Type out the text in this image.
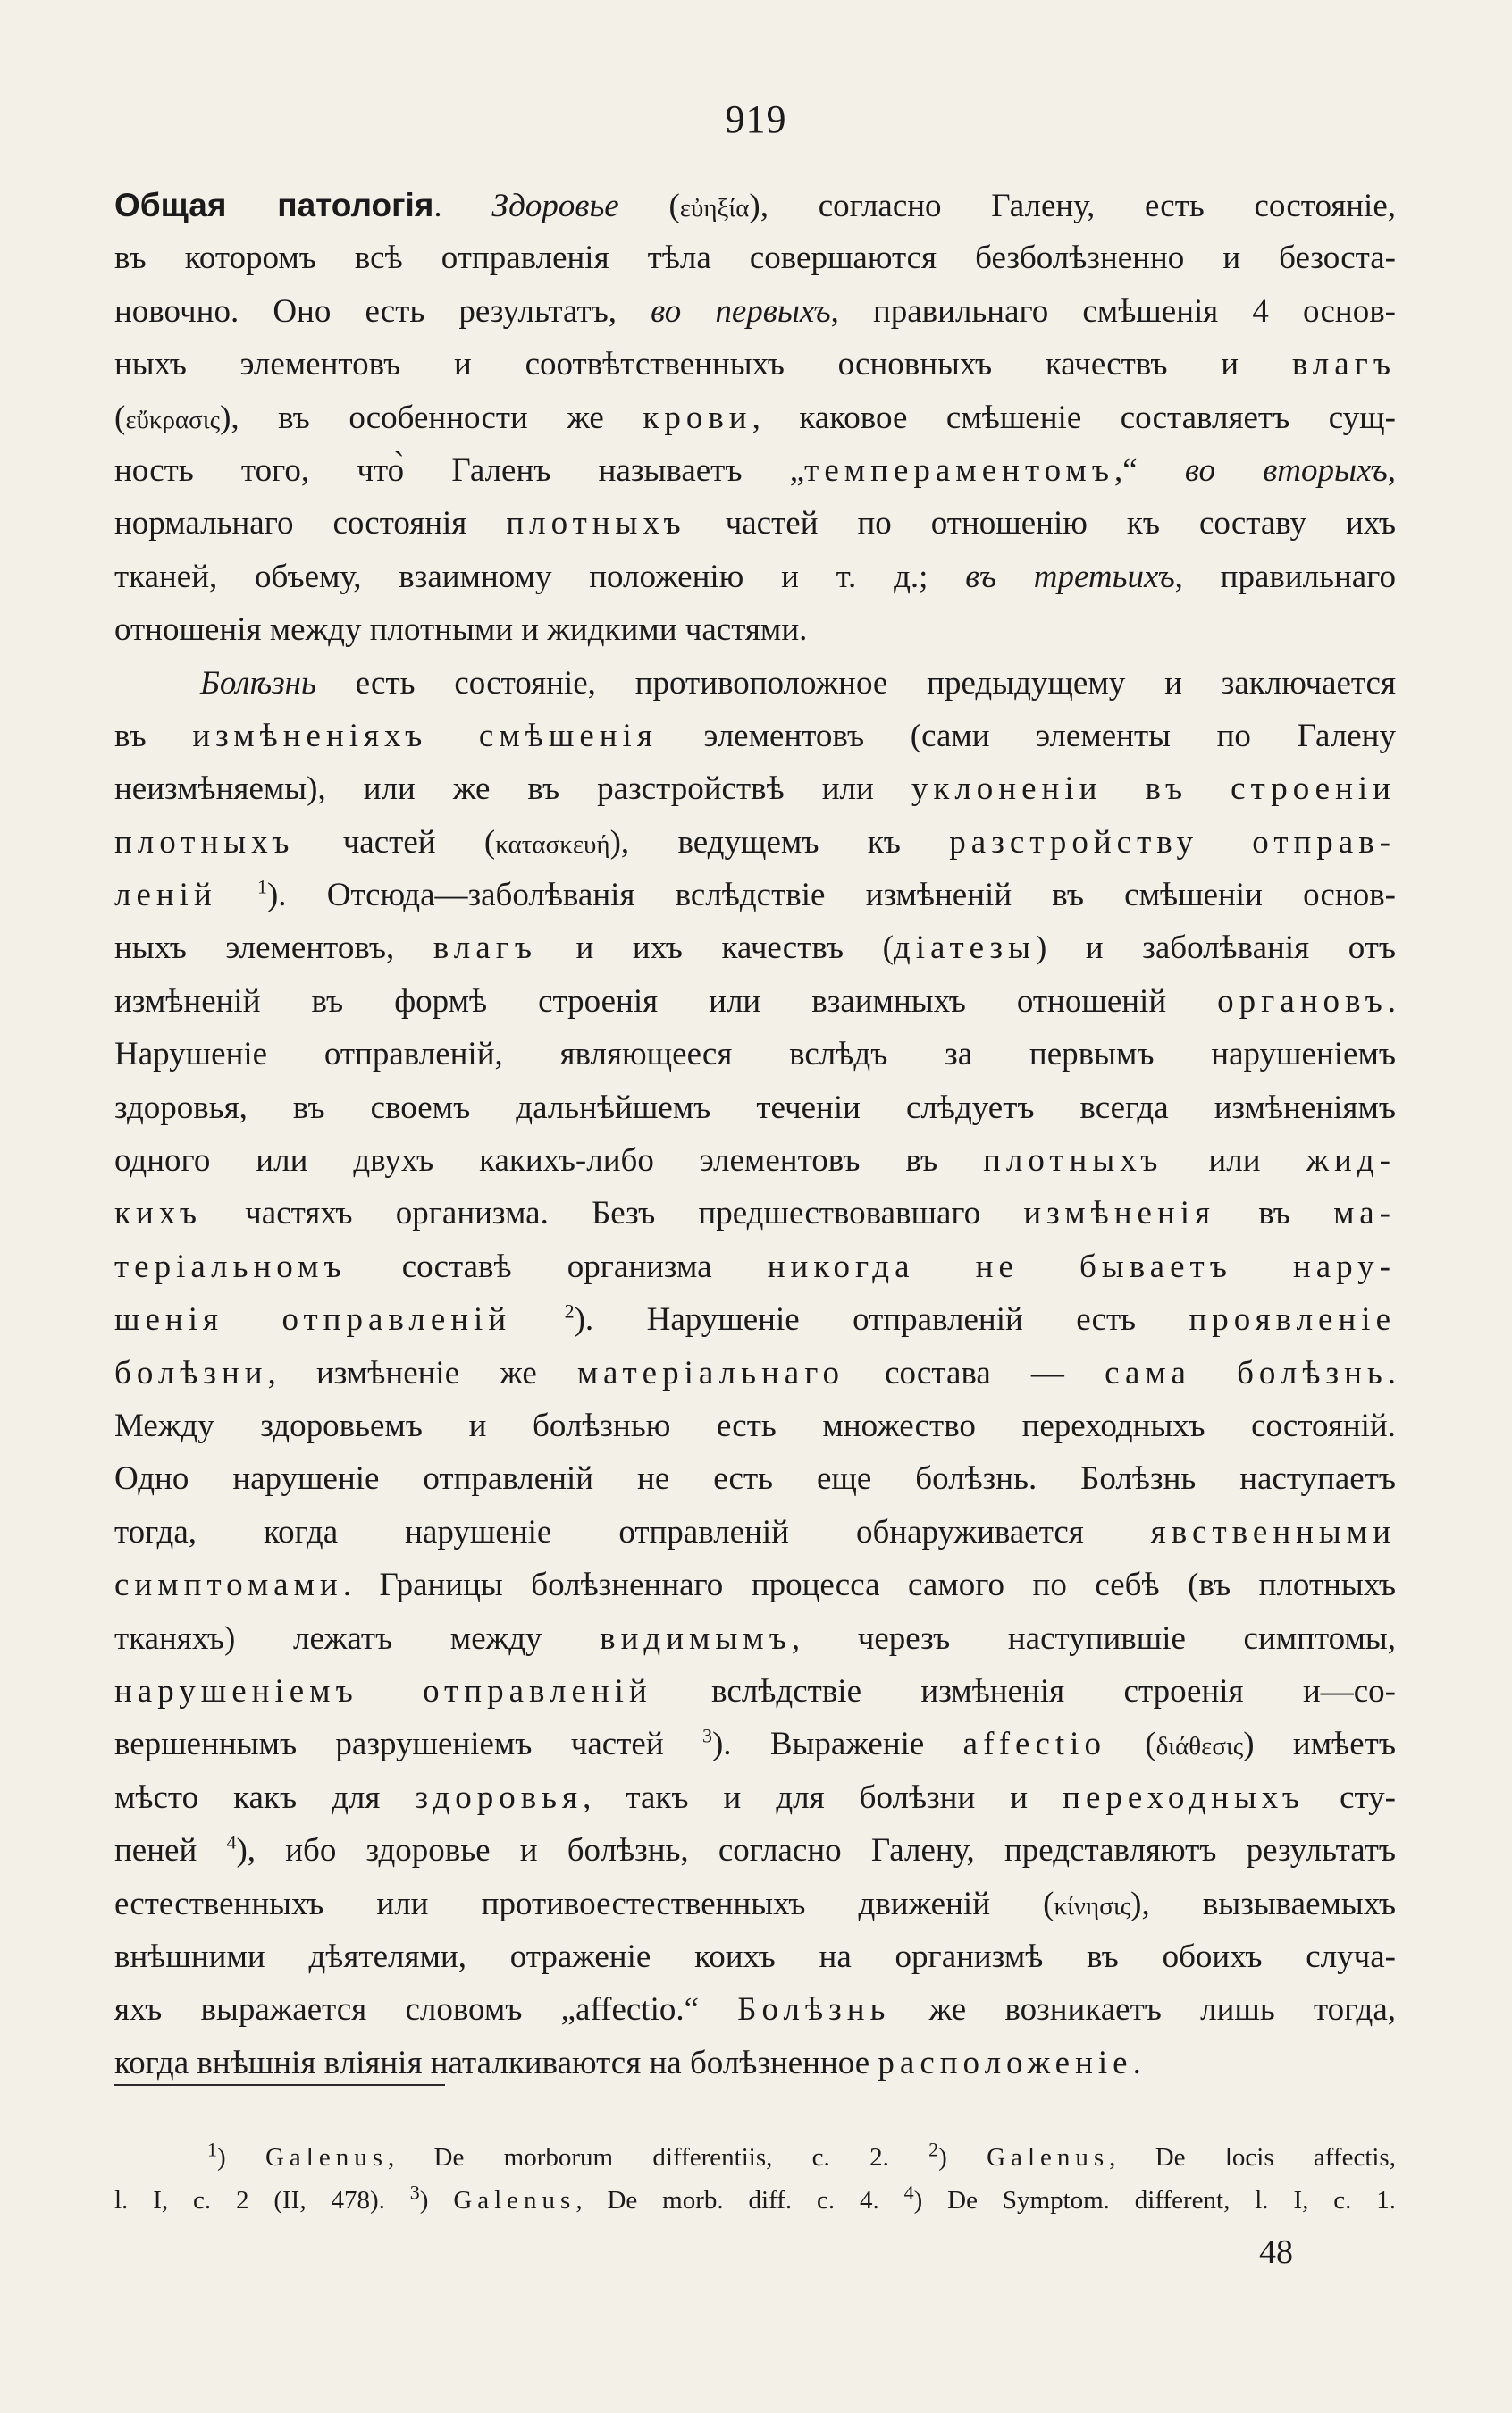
919
Общая патологія. Здоровье (εὐηξία), согласно Галену, есть состояніе,
въ которомъ всѣ отправленія тѣла совершаются безболѣзненно и безоста-
новочно. Оно есть результатъ, во первыхъ, правильнаго смѣшенія 4 основ-
ныхъ элементовъ и соотвѣтственныхъ основныхъ качествъ и влагъ
(εὔκρασις), въ особенности же крови, каковое смѣшеніе составляетъ сущ-
ность того, что̀ Галенъ называетъ „темпераментомъ,“ во вторыхъ,
нормальнаго состоянія плотныхъ частей по отношенію къ составу ихъ
тканей, объему, взаимному положенію и т. д.; въ третьихъ, правильнаго
отношенія между плотными и жидкими частями.
Болѣзнь есть состояніе, противоположное предыдущему и заключается
въ измѣненіяхъ смѣшенія элементовъ (сами элементы по Галену
неизмѣняемы), или же въ разстройствѣ или уклоненіи въ строеніи
плотныхъ частей (κατασκευή), ведущемъ къ разстройству отправ-
леній $^1$). Отсюда—заболѣванія вслѣдствіе измѣненій въ смѣшеніи основ-
ныхъ элементовъ, влагъ и ихъ качествъ (діатезы) и заболѣванія отъ
измѣненій въ формѣ строенія или взаимныхъ отношеній органовъ.
Нарушеніе отправленій, являющееся вслѣдъ за первымъ нарушеніемъ
здоровья, въ своемъ дальнѣйшемъ теченіи слѣдуетъ всегда измѣненіямъ
одного или двухъ какихъ-либо элементовъ въ плотныхъ или жид-
кихъ частяхъ организма. Безъ предшествовавшаго измѣненія въ ма-
теріальномъ составѣ организма никогда не бываетъ нару-
шенія отправленій	$^2$). Нарушеніе отправленій есть проявленіе
болѣзни, измѣненіе же матеріальнаго состава — сама болѣзнь.
Между здоровьемъ и болѣзнью есть множество переходныхъ состояній.
Одно нарушеніе отправленій не есть еще болѣзнь. Болѣзнь наступаетъ
тогда, когда нарушеніе отправленій обнаруживается явственными
симптомами. Границы болѣзненнаго процесса самого по себѣ (въ плотныхъ
тканяхъ) лежатъ между видимымъ, черезъ наступившіе симптомы,
нарушеніемъ отправленій вслѣдствіе измѣненія строенія и—со-
вершеннымъ разрушеніемъ частей $^3$). Выраженіе affectio (διάθεσις) имѣетъ
мѣсто какъ для здоровья, такъ и для болѣзни и переходныхъ сту-
пеней $^4$), ибо здоровье и болѣзнь, согласно Галену, представляютъ результатъ
естественныхъ или противоестественныхъ движеній (κίνησις), вызываемыхъ
внѣшними дѣятелями, отраженіе коихъ на организмѣ въ обоихъ случа-
яхъ выражается словомъ „affectio.“ Болѣзнь же возникаетъ лишь тогда,
когда внѣшнія вліянія наталкиваются на болѣзненное расположеніе.
$^1$) Galenus, De morborum differentiis, c. 2. $^2$) Galenus, De locis affectis,
l. I, c. 2 (II, 478). $^3$) Galenus, De morb. diff. c. 4. $^4$) De Symptom. different, l. I, c. 1.
48
